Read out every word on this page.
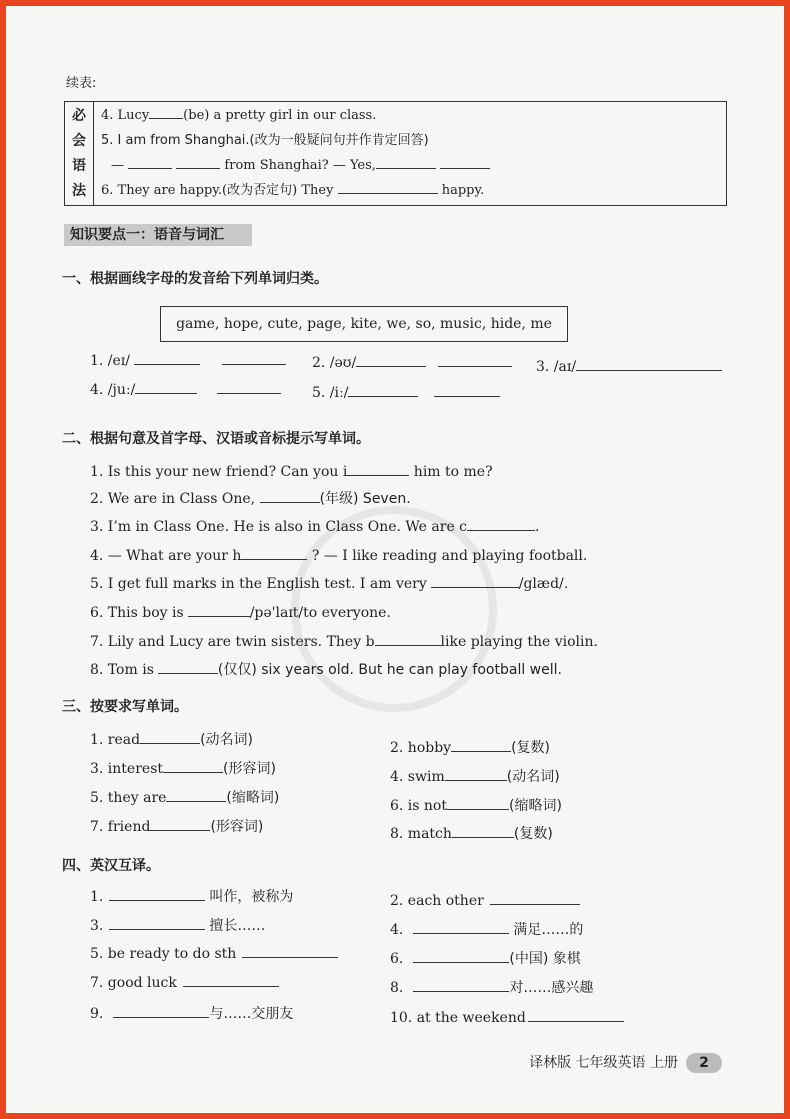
续表:
必
会
语
法

4. Lucy	(be) a pretty girl in our class.
5. I am from Shanghai.(改为一般疑问句并作肯定回答)
—	from Shanghai? — Yes,
6. They are happy.(改为否定句) They	happy.
知识要点一：语音与词汇
一、根据画线字母的发音给下列单词归类。
game, hope, cute, page, kite, we, so, music, hide, me
1. /eɪ/	2. /əʊ/	3. /aɪ/
4. /juː/	5. /iː/
二、根据句意及首字母、汉语或音标提示写单词。
1. Is this your new friend? Can you i	him to me?
2. We are in Class One,	(年级) Seven.
3. I’m in Class One. He is also in Class One. We are c	.
4. — What are your h	? — I like reading and playing football.
5. I get full marks in the English test. I am very	/glæd/.
6. This boy is	/pə'laɪt/to everyone.
7. Lily and Lucy are twin sisters. They b	like playing the violin.
8. Tom is	(仅仅) six years old. But he can play football well.
三、按要求写单词。
1. read	(动名词)
3. interest	(形容词)
5. they are	(缩略词)
7. friend	(形容词)
2. hobby	(复数)
4. swim	(动名词)
6. is not	(缩略词)
8. match	(复数)
四、英汉互译。
1.	叫作，被称为	2. each other
3.	擅长……	4.	满足……的
5. be ready to do sth	6.	(中国) 象棋
7. good luck	8.	对……感兴趣
9.	与……交朋友	10. at the weekend
译林版 七年级英语 上册 2
